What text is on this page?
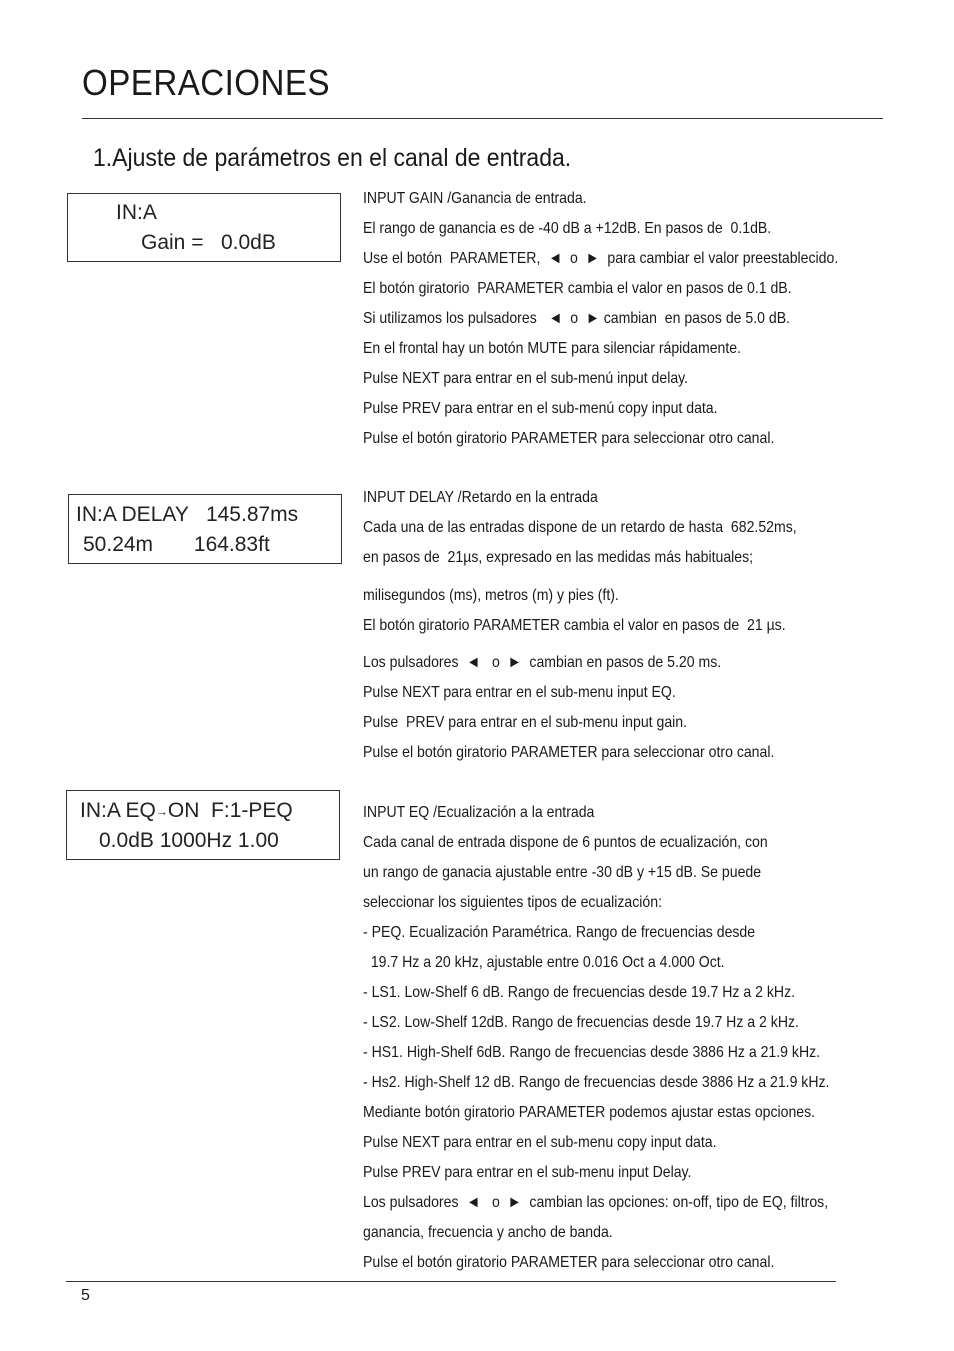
OPERACIONES
1.Ajuste de parámetros en el canal de entrada.
IN:A
Gain =   0.0dB
IN:A DELAY   145.87ms
50.24m       164.83ft
IN:A EQ→ON  F:1-PEQ
0.0dB 1000Hz 1.00
INPUT GAIN /Ganancia de entrada.
El rango de ganancia es de -40 dB a +12dB. En pasos de  0.1dB.
Use el botón  PARAMETER,  ◄  o  ►  para cambiar el valor preestablecido.
El botón giratorio  PARAMETER cambia el valor en pasos de 0.1 dB.
Si utilizamos los pulsadores   ◄  o  ► cambian  en pasos de 5.0 dB.
En el frontal hay un botón MUTE para silenciar rápidamente.
Pulse NEXT para entrar en el sub-menú input delay.
Pulse PREV para entrar en el sub-menú copy input data.
Pulse el botón giratorio PARAMETER para seleccionar otro canal.
INPUT DELAY /Retardo en la entrada
Cada una de las entradas dispone de un retardo de hasta  682.52ms,
en pasos de  21µs, expresado en las medidas más habituales;
milisegundos (ms), metros (m) y pies (ft).
El botón giratorio PARAMETER cambia el valor en pasos de  21 µs.
Los pulsadores  ◄   o  ►  cambian en pasos de 5.20 ms.
Pulse NEXT para entrar en el sub-menu input EQ.
Pulse  PREV para entrar en el sub-menu input gain.
Pulse el botón giratorio PARAMETER para seleccionar otro canal.
INPUT EQ /Ecualización a la entrada
Cada canal de entrada dispone de 6 puntos de ecualización, con
un rango de ganacia ajustable entre -30 dB y +15 dB. Se puede
seleccionar los siguientes tipos de ecualización:
- PEQ. Ecualización Paramétrica. Rango de frecuencias desde
19.7 Hz a 20 kHz, ajustable entre 0.016 Oct a 4.000 Oct.
- LS1. Low-Shelf 6 dB. Rango de frecuencias desde 19.7 Hz a 2 kHz.
- LS2. Low-Shelf 12dB. Rango de frecuencias desde 19.7 Hz a 2 kHz.
- HS1. High-Shelf 6dB. Rango de frecuencias desde 3886 Hz a 21.9 kHz.
- Hs2. High-Shelf 12 dB. Rango de frecuencias desde 3886 Hz a 21.9 kHz.
Mediante botón giratorio PARAMETER podemos ajustar estas opciones.
Pulse NEXT para entrar en el sub-menu copy input data.
Pulse PREV para entrar en el sub-menu input Delay.
Los pulsadores  ◄   o  ►  cambian las opciones: on-off, tipo de EQ, filtros,
ganancia, frecuencia y ancho de banda.
Pulse el botón giratorio PARAMETER para seleccionar otro canal.
5
